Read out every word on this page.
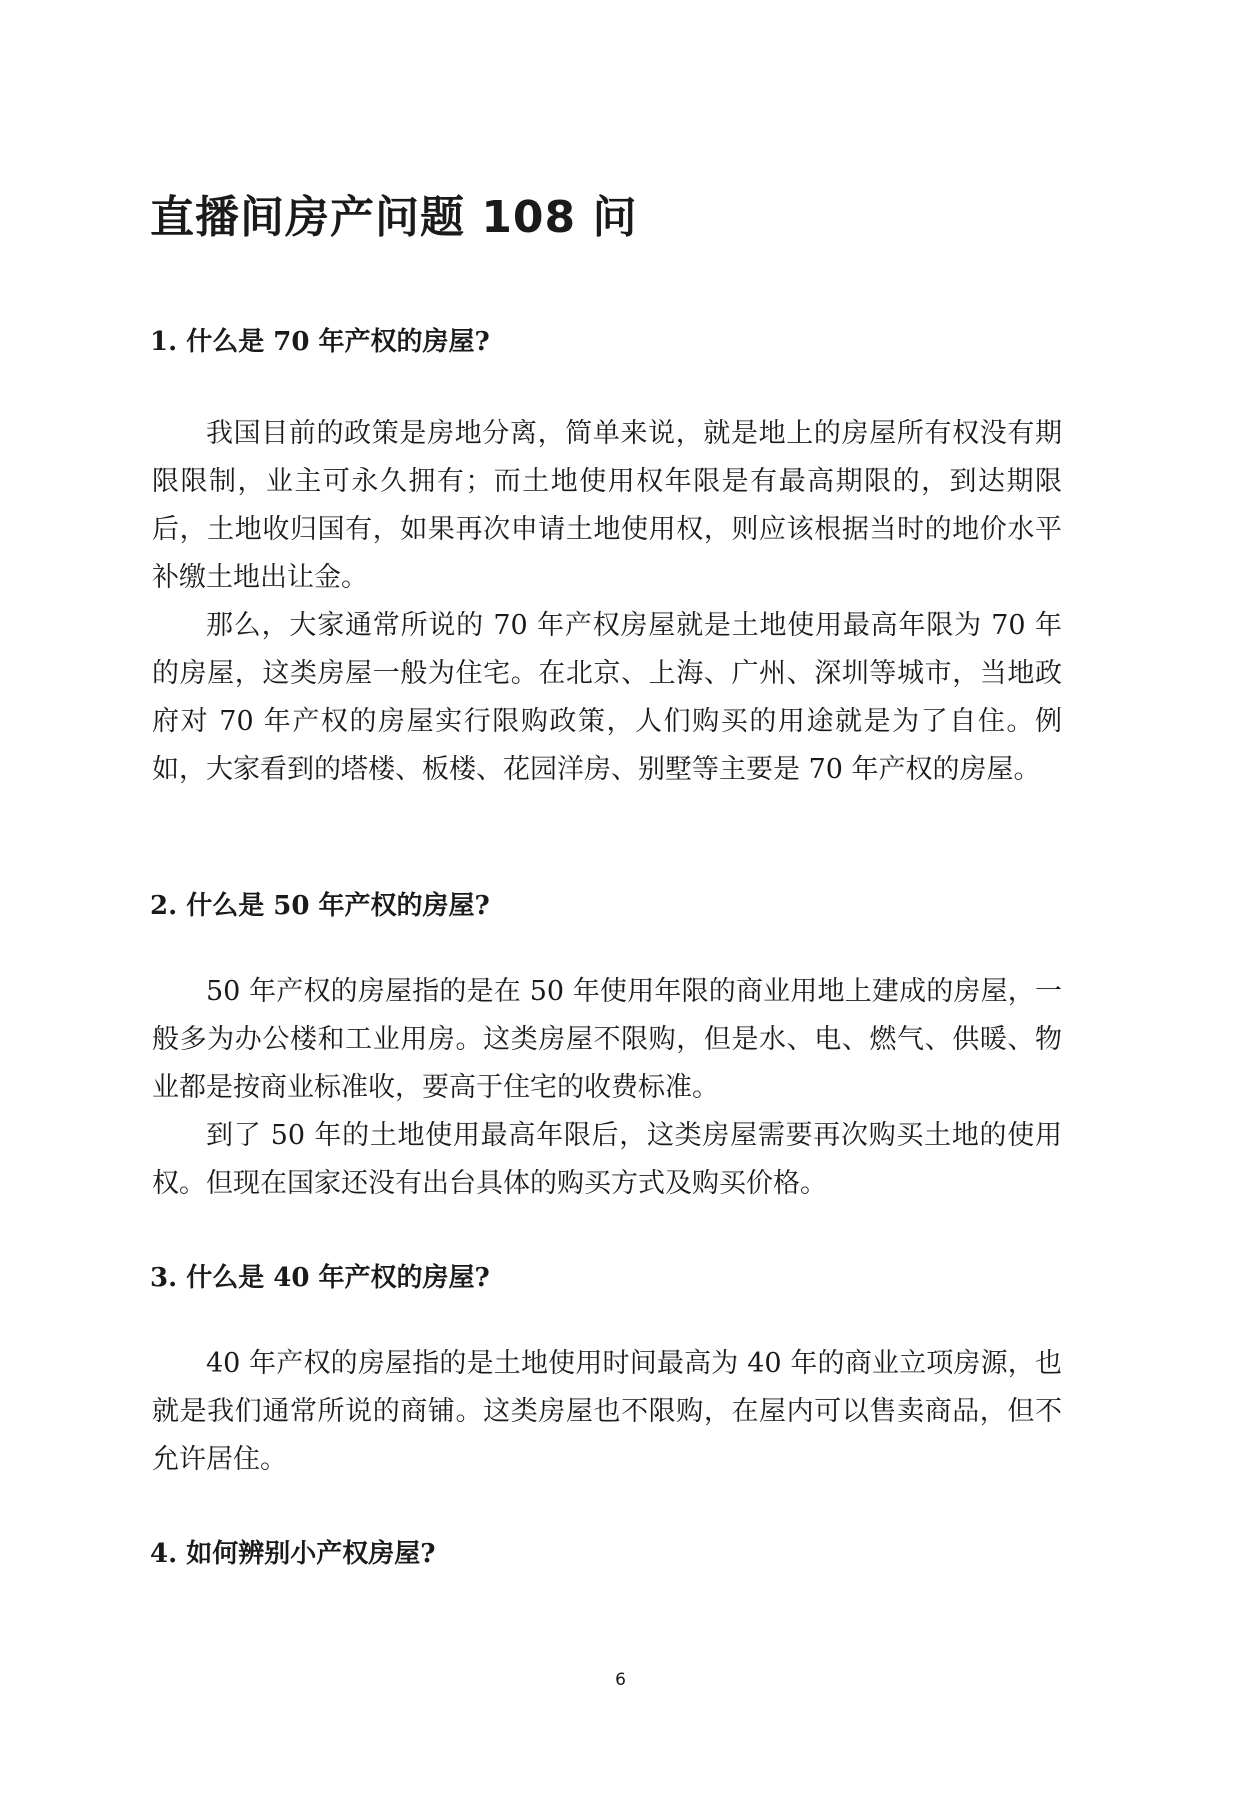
直播间房产问题 108 问
1. 什么是 70 年产权的房屋?

我国目前的政策是房地分离，简单来说，就是地上的房屋所有权没有期限限制，业主可永久拥有；而土地使用权年限是有最高期限的，到达期限后，土地收归国有，如果再次申请土地使用权，则应该根据当时的地价水平补缴土地出让金。

那么，大家通常所说的 70 年产权房屋就是土地使用最高年限为 70 年的房屋，这类房屋一般为住宅。在北京、上海、广州、深圳等城市，当地政府对 70 年产权的房屋实行限购政策，人们购买的用途就是为了自住。例如，大家看到的塔楼、板楼、花园洋房、别墅等主要是 70 年产权的房屋。

2. 什么是 50 年产权的房屋?

50 年产权的房屋指的是在 50 年使用年限的商业用地上建成的房屋，一般多为办公楼和工业用房。这类房屋不限购，但是水、电、燃气、供暖、物业都是按商业标准收，要高于住宅的收费标准。

到了 50 年的土地使用最高年限后，这类房屋需要再次购买土地的使用权。但现在国家还没有出台具体的购买方式及购买价格。

3. 什么是 40 年产权的房屋?

40 年产权的房屋指的是土地使用时间最高为 40 年的商业立项房源，也就是我们通常所说的商铺。这类房屋也不限购，在屋内可以售卖商品，但不允许居住。

4. 如何辨别小产权房屋?
6
